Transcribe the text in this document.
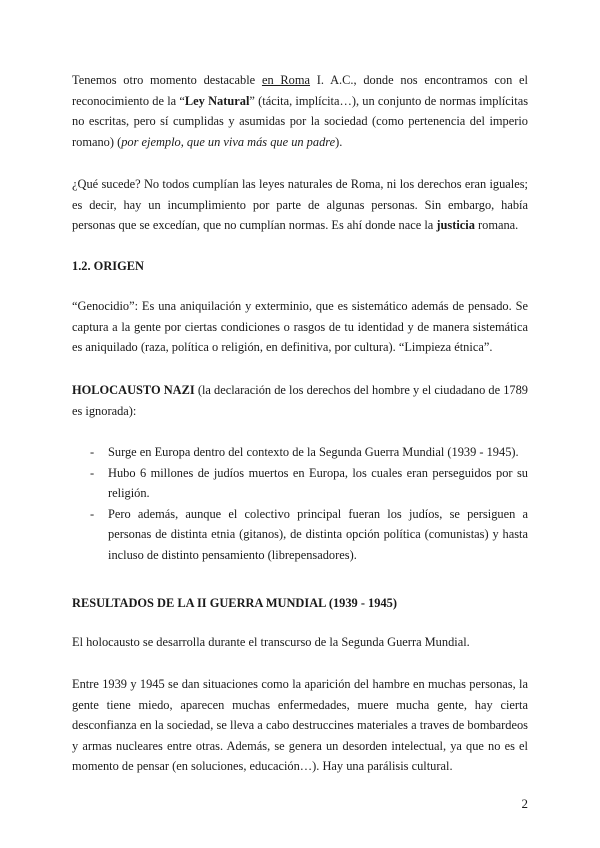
Tenemos otro momento destacable en Roma I. A.C., donde nos encontramos con el reconocimiento de la “Ley Natural” (tácita, implícita…), un conjunto de normas implícitas no escritas, pero sí cumplidas y asumidas por la sociedad (como pertenencia del imperio romano) (por ejemplo, que un viva más que un padre).

¿Qué sucede? No todos cumplían las leyes naturales de Roma, ni los derechos eran iguales; es decir, hay un incumplimiento por parte de algunas personas. Sin embargo, había personas que se excedían, que no cumplían normas. Es ahí donde nace la justicia romana.

1.2. ORIGEN

“Genocidio”: Es una aniquilación y exterminio, que es sistemático además de pensado. Se captura a la gente por ciertas condiciones o rasgos de tu identidad y de manera sistemática es aniquilado (raza, política o religión, en definitiva, por cultura). “Limpieza étnica”.

HOLOCAUSTO NAZI (la declaración de los derechos del hombre y el ciudadano de 1789 es ignorada):

- Surge en Europa dentro del contexto de la Segunda Guerra Mundial (1939 - 1945).
- Hubo 6 millones de judíos muertos en Europa, los cuales eran perseguidos por su religión.
- Pero además, aunque el colectivo principal fueran los judíos, se persiguen a personas de distinta etnia (gitanos), de distinta opción política (comunistas) y hasta incluso de distinto pensamiento (librepensadores).

RESULTADOS DE LA II GUERRA MUNDIAL (1939 - 1945)

El holocausto se desarrolla durante el transcurso de la Segunda Guerra Mundial.

Entre 1939 y 1945 se dan situaciones como la aparición del hambre en muchas personas, la gente tiene miedo, aparecen muchas enfermedades, muere mucha gente, hay cierta desconfianza en la sociedad, se lleva a cabo destruccines materiales a traves de bombardeos y armas nucleares entre otras. Además, se genera un desorden intelectual, ya que no es el momento de pensar (en soluciones, educación…). Hay una parálisis cultural.

2
